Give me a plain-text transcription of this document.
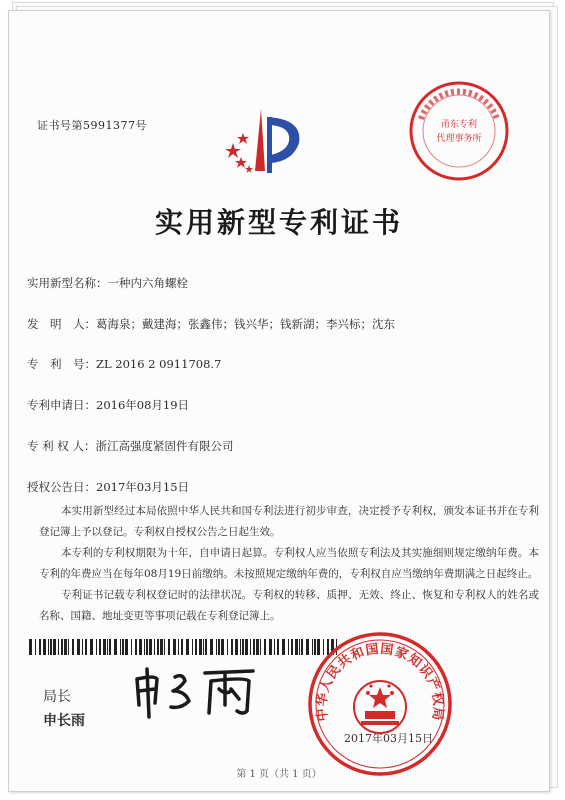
甬东专利
代理事务所
证书号第5991377号
实用新型专利证书
实用新型名称：一种内六角螺栓
发　明　人：葛海泉；戴建海；张鑫伟；钱兴华；钱新湖；李兴标；沈东
专　利　号：ZL 2016 2 0911708.7
专利申请日：2016年08月19日
专 利 权 人：浙江高强度紧固件有限公司
授权公告日：2017年03月15日

本实用新型经过本局依照中华人民共和国专利法进行初步审查，决定授予专利权，颁发本证书并在专利登记簿上予以登记。专利权自授权公告之日起生效。

本专利的专利权期限为十年，自申请日起算。专利权人应当依照专利法及其实施细则规定缴纳年费。本专利的年费应当在每年08月19日前缴纳。未按照规定缴纳年费的，专利权自应当缴纳年费期满之日起终止。

专利证书记载专利权登记时的法律状况。专利权的转移、质押、无效、终止、恢复和专利权人的姓名或名称、国籍、地址变更等事项记载在专利登记簿上。

局长
申长雨	中华人民共和国国家知识产权局
2017年03月15日
第 1 页（共 1 页）
